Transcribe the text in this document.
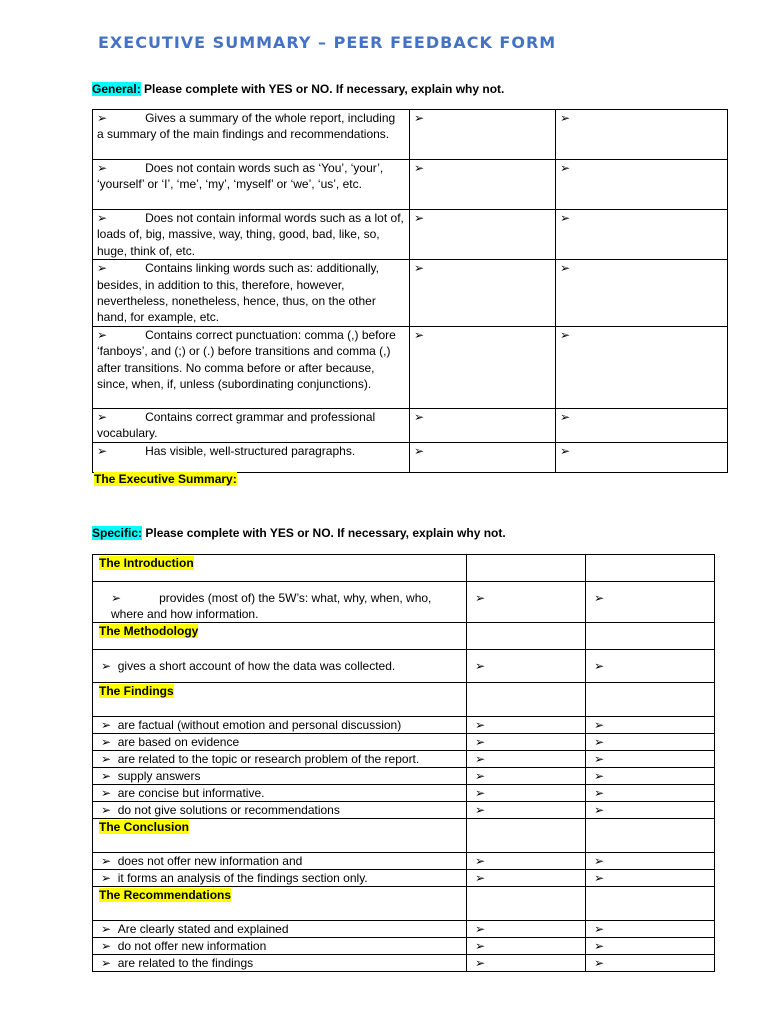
EXECUTIVE SUMMARY – PEER FEEDBACK FORM
General: Please complete with YES or NO. If necessary, explain why not.
➢ Gives a summary of the whole report, including a summary of the main findings and recommendations.	➢	➢
➢ Does not contain words such as ‘You’, ‘your’, ‘yourself’ or ‘I’, ‘me’, ‘my’, ‘myself’ or ‘we’, ‘us’, etc.	➢	➢
➢ Does not contain informal words such as a lot of, loads of, big, massive, way, thing, good, bad, like, so, huge, think of, etc.	➢	➢
➢ Contains linking words such as: additionally, besides, in addition to this, therefore, however, nevertheless, nonetheless, hence, thus, on the other hand, for example, etc.	➢	➢
➢ Contains correct punctuation: comma (,) before ‘fanboys’, and (;) or (.) before transitions and comma (,) after transitions. No comma before or after because, since, when, if, unless (subordinating conjunctions).	➢	➢
➢ Contains correct grammar and professional vocabulary.	➢	➢
➢ Has visible, well-structured paragraphs.	➢	➢
The Executive Summary:
Specific: Please complete with YES or NO. If necessary, explain why not.
The Introduction		
➢ provides (most of) the 5W’s: what, why, when, who, where and how information.	➢	➢
The Methodology		
➢ gives a short account of how the data was collected.	➢	➢
The Findings		
➢ are factual (without emotion and personal discussion)	➢	➢
➢ are based on evidence	➢	➢
➢ are related to the topic or research problem of the report.	➢	➢
➢ supply answers	➢	➢
➢ are concise but informative.	➢	➢
➢ do not give solutions or recommendations	➢	➢
The Conclusion		
➢ does not offer new information and	➢	➢
➢ it forms an analysis of the findings section only.	➢	➢
The Recommendations		
➢ Are clearly stated and explained	➢	➢
➢ do not offer new information	➢	➢
➢ are related to the findings	➢	➢
